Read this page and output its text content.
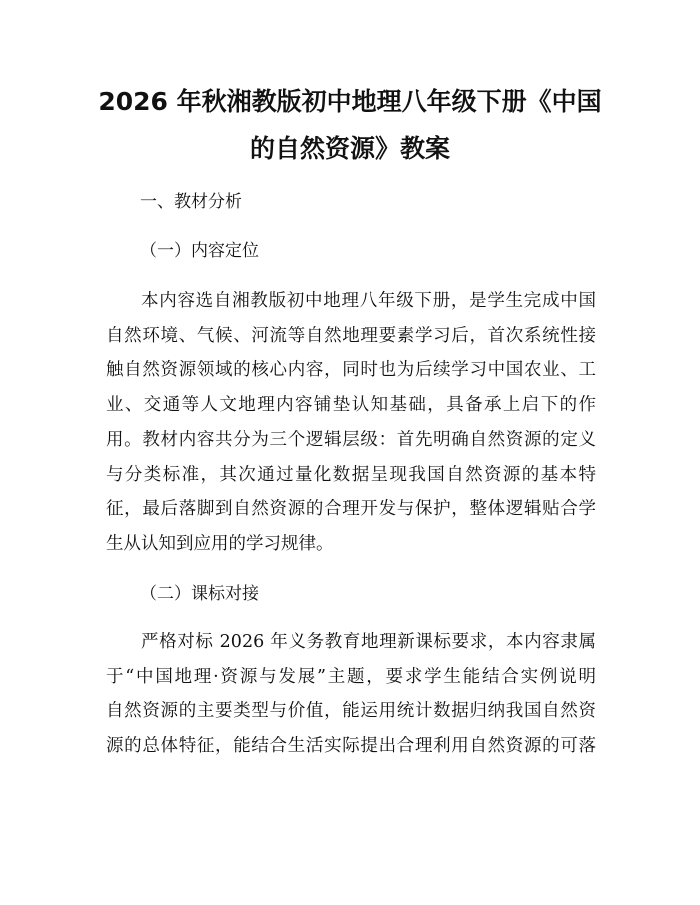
2026 年秋湘教版初中地理八年级下册《中国
的自然资源》教案

一、教材分析

（一）内容定位

本内容选自湘教版初中地理八年级下册，是学生完成中国
自然环境、气候、河流等自然地理要素学习后，首次系统性接
触自然资源领域的核心内容，同时也为后续学习中国农业、工
业、交通等人文地理内容铺垫认知基础，具备承上启下的作
用。教材内容共分为三个逻辑层级：首先明确自然资源的定义
与分类标准，其次通过量化数据呈现我国自然资源的基本特
征，最后落脚到自然资源的合理开发与保护，整体逻辑贴合学
生从认知到应用的学习规律。

（二）课标对接

严格对标 2026 年义务教育地理新课标要求，本内容隶属
于“中国地理·资源与发展”主题，要求学生能结合实例说明
自然资源的主要类型与价值，能运用统计数据归纳我国自然资
源的总体特征，能结合生活实际提出合理利用自然资源的可落
